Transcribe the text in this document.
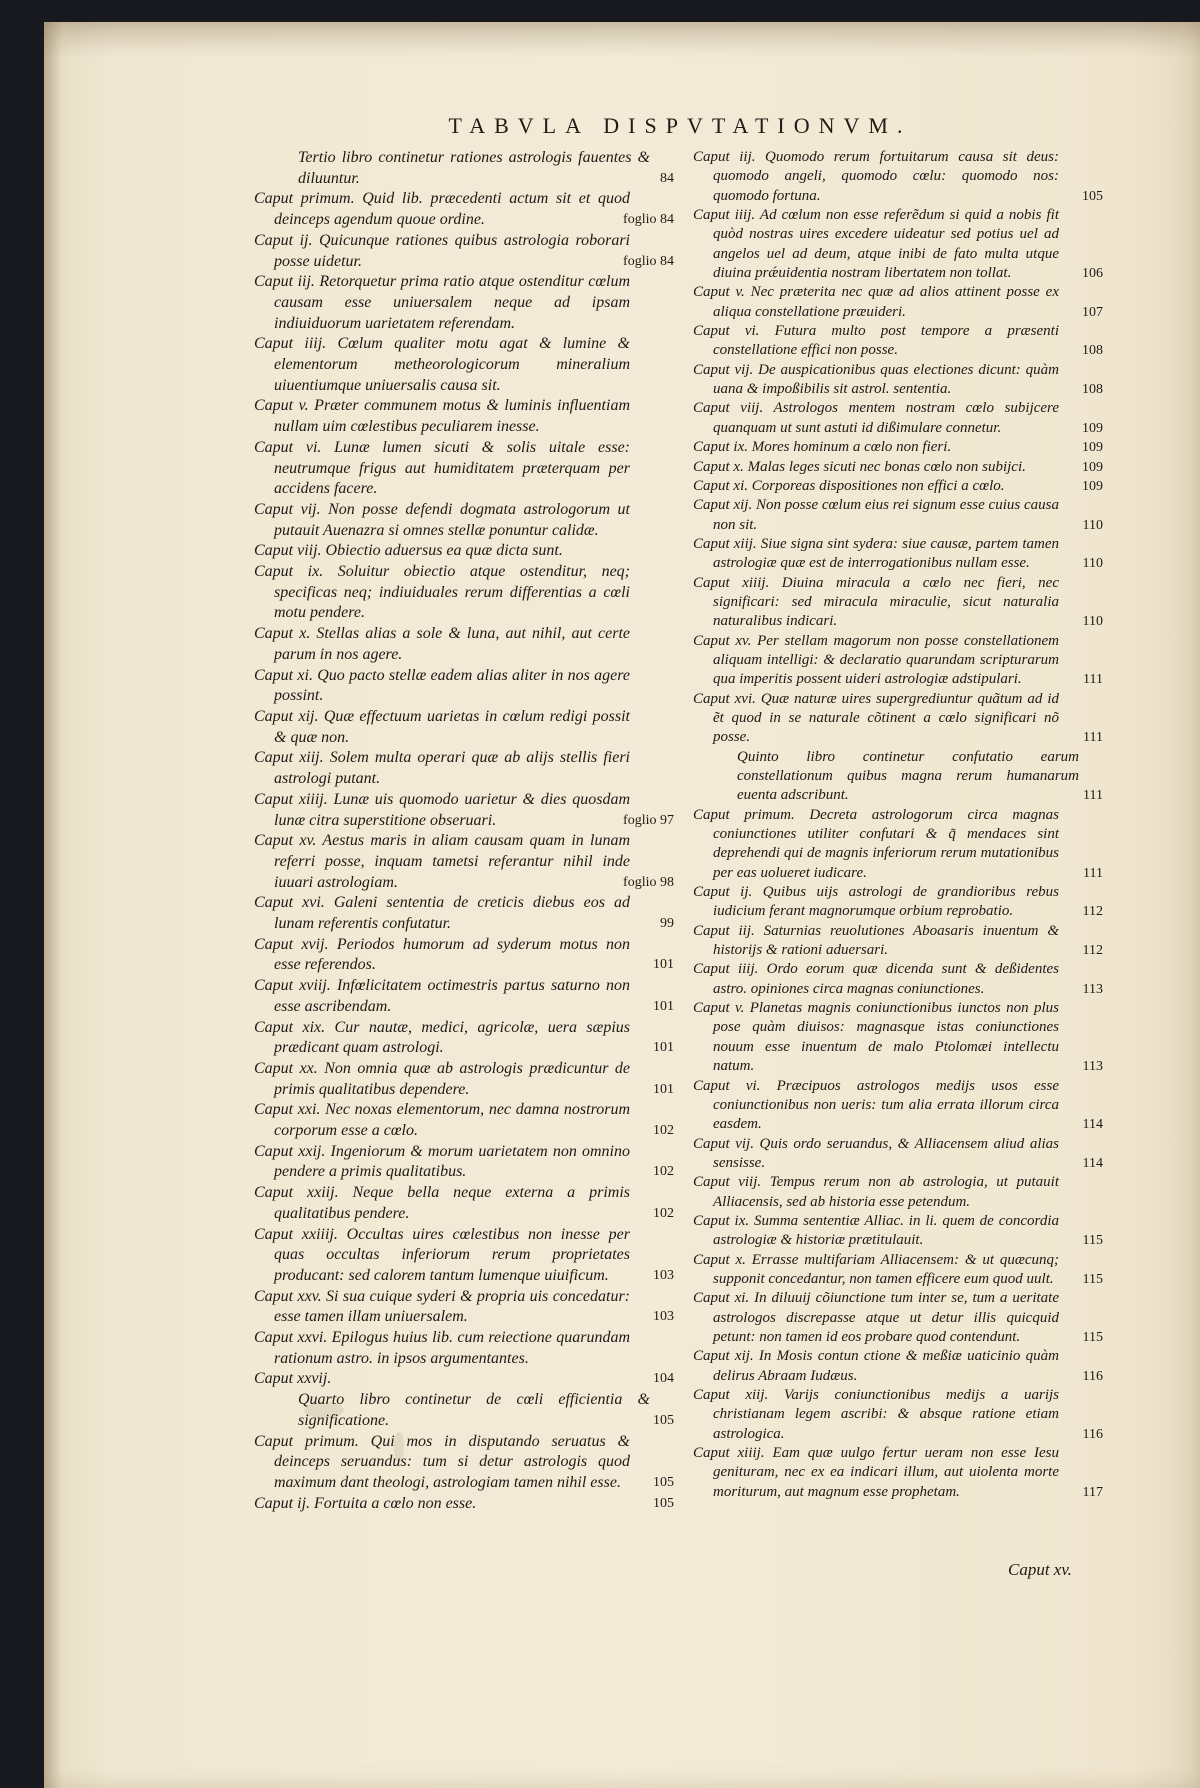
TABVLA DISPVTATIONVM.
Tertio libro continetur rationes astrologis fauentes & diluuntur.	84
Caput primum. Quid lib. præcedenti actum sit et quod deinceps agendum quoue ordine.	foglio 84
Caput ij. Quicunque rationes quibus astrologia roborari posse uidetur.	foglio 84
Caput iij. Retorquetur prima ratio atque ostenditur cœlum causam esse uniuersalem neque ad ipsam indiuiduorum uarietatem referendam.
Caput iiij. Cœlum qualiter motu agat & lumine & elementorum metheorologicorum mineralium uiuentiumque uniuersalis causa sit.
Caput v. Præter communem motus & luminis influentiam nullam uim cœlestibus peculiarem inesse.
Caput vi. Lunæ lumen sicuti & solis uitale esse: neutrumque frigus aut humiditatem præterquam per accidens facere.
Caput vij. Non posse defendi dogmata astrologorum ut putauit Auenazra si omnes stellæ ponuntur calidæ.
Caput viij. Obiectio aduersus ea quæ dicta sunt.
Caput ix. Soluitur obiectio atque ostenditur, neq; specificas neq; indiuiduales rerum differentias a cœli motu pendere.
Caput x. Stellas alias a sole & luna, aut nihil, aut certe parum in nos agere.
Caput xi. Quo pacto stellæ eadem alias aliter in nos agere possint.
Caput xij. Quæ effectuum uarietas in cœlum redigi possit & quæ non.
Caput xiij. Solem multa operari quæ ab alijs stellis fieri astrologi putant.
Caput xiiij. Lunæ uis quomodo uarietur & dies quosdam lunæ citra superstitione obseruari.	foglio 97
Caput xv. Aestus maris in aliam causam quam in lunam referri posse, inquam tametsi referantur nihil inde iuuari astrologiam.	foglio 98
Caput xvi. Galeni sententia de creticis diebus eos ad lunam referentis confutatur.	99
Caput xvij. Periodos humorum ad syderum motus non esse referendos.	101
Caput xviij. Infœlicitatem octimestris partus saturno non esse ascribendam.	101
Caput xix. Cur nautæ, medici, agricolæ, uera sæpius prædicant quam astrologi.	101
Caput xx. Non omnia quæ ab astrologis prædicuntur de primis qualitatibus dependere.	101
Caput xxi. Nec noxas elementorum, nec damna nostrorum corporum esse a cœlo.	102
Caput xxij. Ingeniorum & morum uarietatem non omnino pendere a primis qualitatibus.	102
Caput xxiij. Neque bella neque externa a primis qualitatibus pendere.	102
Caput xxiiij. Occultas uires cœlestibus non inesse per quas occultas inferiorum rerum proprietates producant: sed calorem tantum lumenque uiuificum.	103
Caput xxv. Si sua cuique syderi & propria uis concedatur: esse tamen illam uniuersalem.	103
Caput xxvi. Epilogus huius lib. cum reiectione quarundam rationum astro. in ipsos argumentantes.
Caput xxvij.	104
Quarto libro continetur de cœli efficientia & significatione.	105
Caput primum. Qui mos in disputando seruatus & deinceps seruandus: tum si detur astrologis quod maximum dant theologi, astrologiam tamen nihil esse.	105
Caput ij. Fortuita a cœlo non esse.	105
Caput iij. Quomodo rerum fortuitarum causa sit deus: quomodo angeli, quomodo cœlu: quomodo nos: quomodo fortuna.	105
Caput iiij. Ad cœlum non esse referẽdum si quid a nobis fit quòd nostras uires excedere uideatur sed potius uel ad angelos uel ad deum, atque inibi de fato multa utque diuina prǽuidentia nostram libertatem non tollat.	106
Caput v. Nec præterita nec quæ ad alios attinent posse ex aliqua constellatione præuideri.	107
Caput vi. Futura multo post tempore a præsenti constellatione effici non posse.	108
Caput vij. De auspicationibus quas electiones dicunt: quàm uana & impoßibilis sit astrol. sententia.	108
Caput viij. Astrologos mentem nostram cœlo subijcere quanquam ut sunt astuti id dißimulare connetur.	109
Caput ix. Mores hominum a cœlo non fieri.	109
Caput x. Malas leges sicuti nec bonas cœlo non subijci.	109
Caput xi. Corporeas dispositiones non effici a cœlo.	109
Caput xij. Non posse cœlum eius rei signum esse cuius causa non sit.	110
Caput xiij. Siue signa sint sydera: siue causæ, partem tamen astrologiæ quæ est de interrogationibus nullam esse.	110
Caput xiiij. Diuina miracula a cœlo nec fieri, nec significari: sed miracula miraculie, sicut naturalia naturalibus indicari.	110
Caput xv. Per stellam magorum non posse constellationem aliquam intelligi: & declaratio quarundam scripturarum qua imperitis possent uideri astrologiæ adstipulari.	111
Caput xvi. Quæ naturæ uires supergrediuntur quãtum ad id ẽt quod in se naturale cõtinent a cœlo significari nõ posse.	111
Quinto libro continetur confutatio earum constellationum quibus magna rerum humanarum euenta adscribunt.	111
Caput primum. Decreta astrologorum circa magnas coniunctiones utiliter confutari & q̃ mendaces sint deprehendi qui de magnis inferiorum rerum mutationibus per eas uolueret iudicare.	111
Caput ij. Quibus uijs astrologi de grandioribus rebus iudicium ferant magnorumque orbium reprobatio.	112
Caput iij. Saturnias reuolutiones Aboasaris inuentum & historijs & rationi aduersari.	112
Caput iiij. Ordo eorum quæ dicenda sunt & deßidentes astro. opiniones circa magnas coniunctiones.	113
Caput v. Planetas magnis coniunctionibus iunctos non plus pose quàm diuisos: magnasque istas coniunctiones nouum esse inuentum de malo Ptolomæi intellectu natum.	113
Caput vi. Præcipuos astrologos medijs usos esse coniunctionibus non ueris: tum alia errata illorum circa easdem.	114
Caput vij. Quis ordo seruandus, & Alliacensem aliud alias sensisse.	114
Caput viij. Tempus rerum non ab astrologia, ut putauit Alliacensis, sed ab historia esse petendum.
Caput ix. Summa sententiæ Alliac. in li. quem de concordia astrologiæ & historiæ prætitulauit.	115
Caput x. Errasse multifariam Alliacensem: & ut quæcunq; supponit concedantur, non tamen efficere eum quod uult.	115
Caput xi. In diluuij cõiunctione tum inter se, tum a ueritate astrologos discrepasse atque ut detur illis quicquid petunt: non tamen id eos probare quod contendunt.	115
Caput xij. In Mosis contun ctione & meßiæ uaticinio quàm delirus Abraam Iudæus.	116
Caput xiij. Varijs coniunctionibus medijs a uarijs christianam legem ascribi: & absque ratione etiam astrologica.	116
Caput xiiij. Eam quæ uulgo fertur ueram non esse Iesu genituram, nec ex ea indicari illum, aut uiolenta morte moriturum, aut magnum esse prophetam.	117
Caput xv.
